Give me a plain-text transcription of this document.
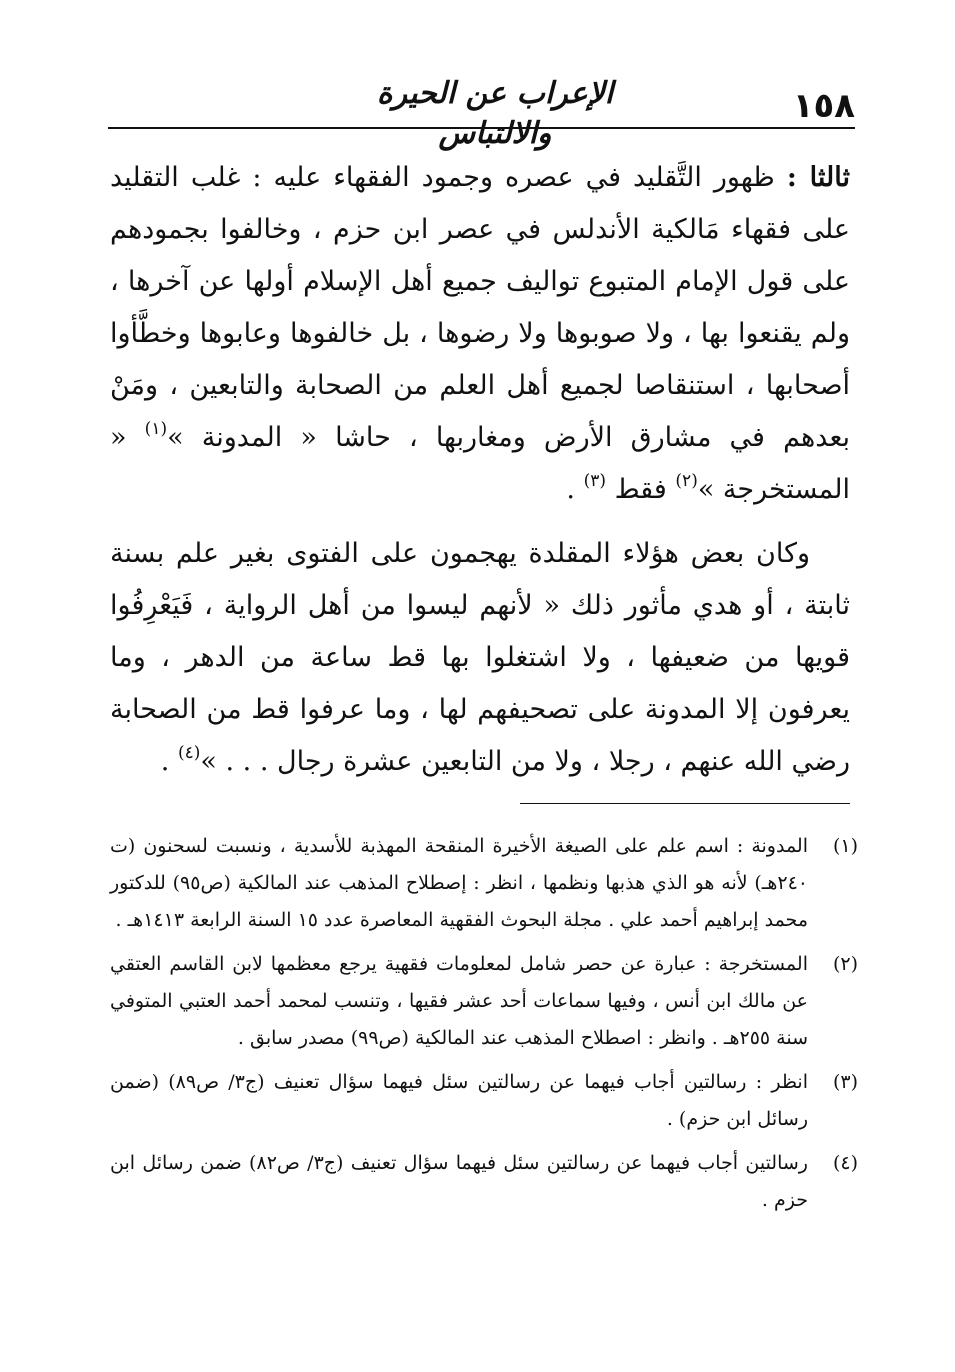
١٥٨
الإعراب عن الحيرة والالتباس

ثالثا : ظهور التَّقليد في عصره وجمود الفقهاء عليه : غلب التقليد على فقهاء مَالكية الأندلس في عصر ابن حزم ، وخالفوا بجمودهم على قول الإمام المتبوع تواليف جميع أهل الإسلام أولها عن آخرها ، ولم يقنعوا بها ، ولا صوبوها ولا رضوها ، بل خالفوها وعابوها وخطَّأوا أصحابها ، استنقاصا لجميع أهل العلم من الصحابة والتابعين ، ومَنْ بعدهم في مشارق الأرض ومغاربها ، حاشا « المدونة »$^{(١)}$ « المستخرجة »$^{(٢)}$ فقط $^{(٣)}$ .

وكان بعض هؤلاء المقلدة يهجمون على الفتوى بغير علم بسنة ثابتة ، أو هدي مأثور ذلك « لأنهم ليسوا من أهل الرواية ، فَيَعْرِفُوا قويها من ضعيفها ، ولا اشتغلوا بها قط ساعة من الدهر ، وما يعرفون إلا المدونة على تصحيفهم لها ، وما عرفوا قط من الصحابة رضي الله عنهم ، رجلا ، ولا من التابعين عشرة رجال . . . »$^{(٤)}$ .

(١)
المدونة : اسم علم على الصيغة الأخيرة المنقحة المهذبة للأسدية ، ونسبت لسحنون (ت ٢٤٠هـ) لأنه هو الذي هذبها ونظمها ، انظر : إصطلاح المذهب عند المالكية (ص٩٥) للدكتور محمد إبراهيم أحمد علي . مجلة البحوث الفقهية المعاصرة عدد ١٥ السنة الرابعة ١٤١٣هـ .
(٢)
المستخرجة : عبارة عن حصر شامل لمعلومات فقهية يرجع معظمها لابن القاسم العتقي عن مالك ابن أنس ، وفيها سماعات أحد عشر فقيها ، وتنسب لمحمد أحمد العتبي المتوفي سنة ٢٥٥هـ . وانظر : اصطلاح المذهب عند المالكية (ص٩٩) مصدر سابق .
(٣)
انظر : رسالتين أجاب فيهما عن رسالتين سئل فيهما سؤال تعنيف (ج٣/ ص٨٩) (ضمن رسائل ابن حزم) .
(٤)
رسالتين أجاب فيهما عن رسالتين سئل فيهما سؤال تعنيف (ج٣/ ص٨٢) ضمن رسائل ابن حزم .
